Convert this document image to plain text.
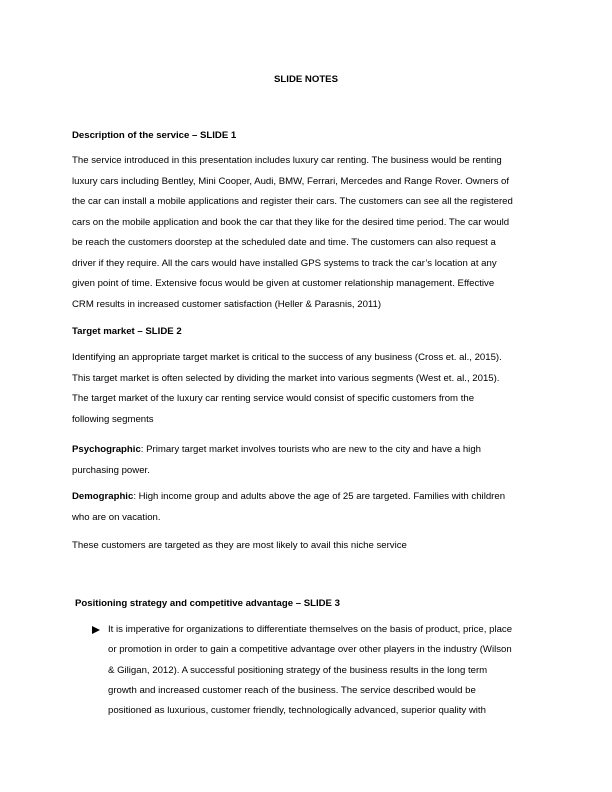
SLIDE NOTES
Description of the service – SLIDE 1

The service introduced in this presentation includes luxury car renting. The business would be renting
luxury cars including Bentley, Mini Cooper, Audi, BMW, Ferrari, Mercedes and Range Rover. Owners of
the car can install a mobile applications and register their cars. The customers can see all the registered
cars on the mobile application and book the car that they like for the desired time period. The car would
be reach the customers doorstep at the scheduled date and time. The customers can also request a
driver if they require. All the cars would have installed GPS systems to track the car’s location at any
given point of time. Extensive focus would be given at customer relationship management. Effective
CRM results in increased customer satisfaction (Heller & Parasnis, 2011)

Target market – SLIDE 2

Identifying an appropriate target market is critical to the success of any business (Cross et. al., 2015).
This target market is often selected by dividing the market into various segments (West et. al., 2015).
The target market of the luxury car renting service would consist of specific customers from the
following segments

Psychographic: Primary target market involves tourists who are new to the city and have a high
purchasing power.

Demographic: High income group and adults above the age of 25 are targeted. Families with children
who are on vacation.

These customers are targeted as they are most likely to avail this niche service

Positioning strategy and competitive advantage – SLIDE 3

It is imperative for organizations to differentiate themselves on the basis of product, price, place
or promotion in order to gain a competitive advantage over other players in the industry (Wilson
& Giligan, 2012). A successful positioning strategy of the business results in the long term
growth and increased customer reach of the business. The service described would be
positioned as luxurious, customer friendly, technologically advanced, superior quality with
